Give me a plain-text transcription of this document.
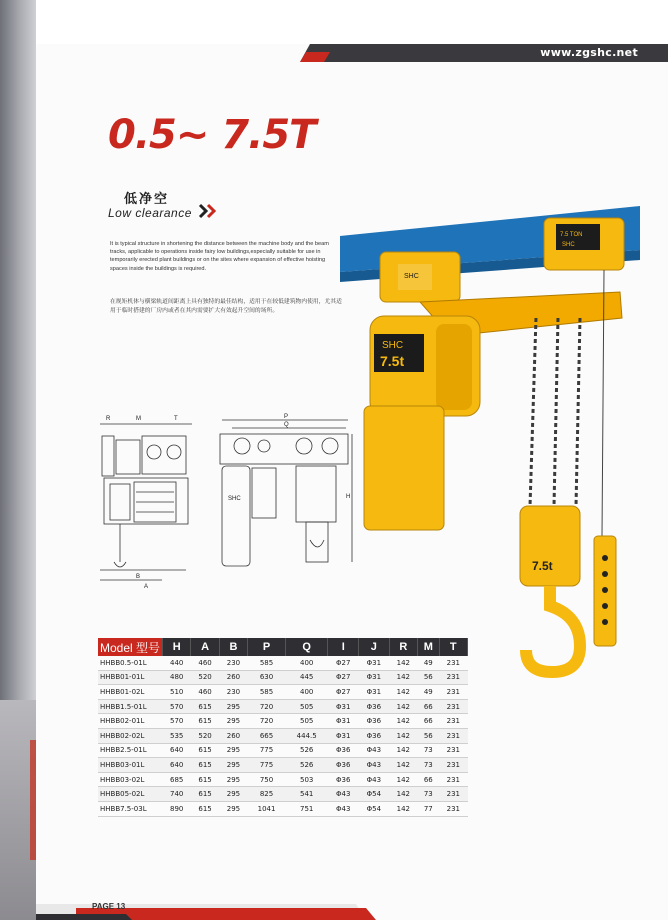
www.zgshc.net
0.5~ 7.5T
低净空
Low clearance
It is typical structure in shortening the distance between the machine body and the beam tracks, applicable to operations inside fairy low buildings,especially suitable for use in temporarily erected plant buildings or on the sites where expansion of effective hoisting spaces inside the buildings is required.
在规矩机体与横梁轨道间距离上具有独特的最佳结构，适用于在较低建筑物内使用，尤其适用于临时搭建的厂房内或者在其内需要扩大有效起升空间的场所。
R	M	T	P
Q
B
A
H
SHC
SHC
7.5 TON
SHC
SHC
7.5t
7.5t
Model 型号	H	A	B	P	Q	I	J	R	M	T
HHBB0.5-01L	440	460	230	585	400	Φ27	Φ31	142	49	231
HHBB01-01L	480	520	260	630	445	Φ27	Φ31	142	56	231
HHBB01-02L	510	460	230	585	400	Φ27	Φ31	142	49	231
HHBB1.5-01L	570	615	295	720	505	Φ31	Φ36	142	66	231
HHBB02-01L	570	615	295	720	505	Φ31	Φ36	142	66	231
HHBB02-02L	535	520	260	665	444.5	Φ31	Φ36	142	56	231
HHBB2.5-01L	640	615	295	775	526	Φ36	Φ43	142	73	231
HHBB03-01L	640	615	295	775	526	Φ36	Φ43	142	73	231
HHBB03-02L	685	615	295	750	503	Φ36	Φ43	142	66	231
HHBB05-02L	740	615	295	825	541	Φ43	Φ54	142	73	231
HHBB7.5-03L	890	615	295	1041	751	Φ43	Φ54	142	77	231
PAGE 13
